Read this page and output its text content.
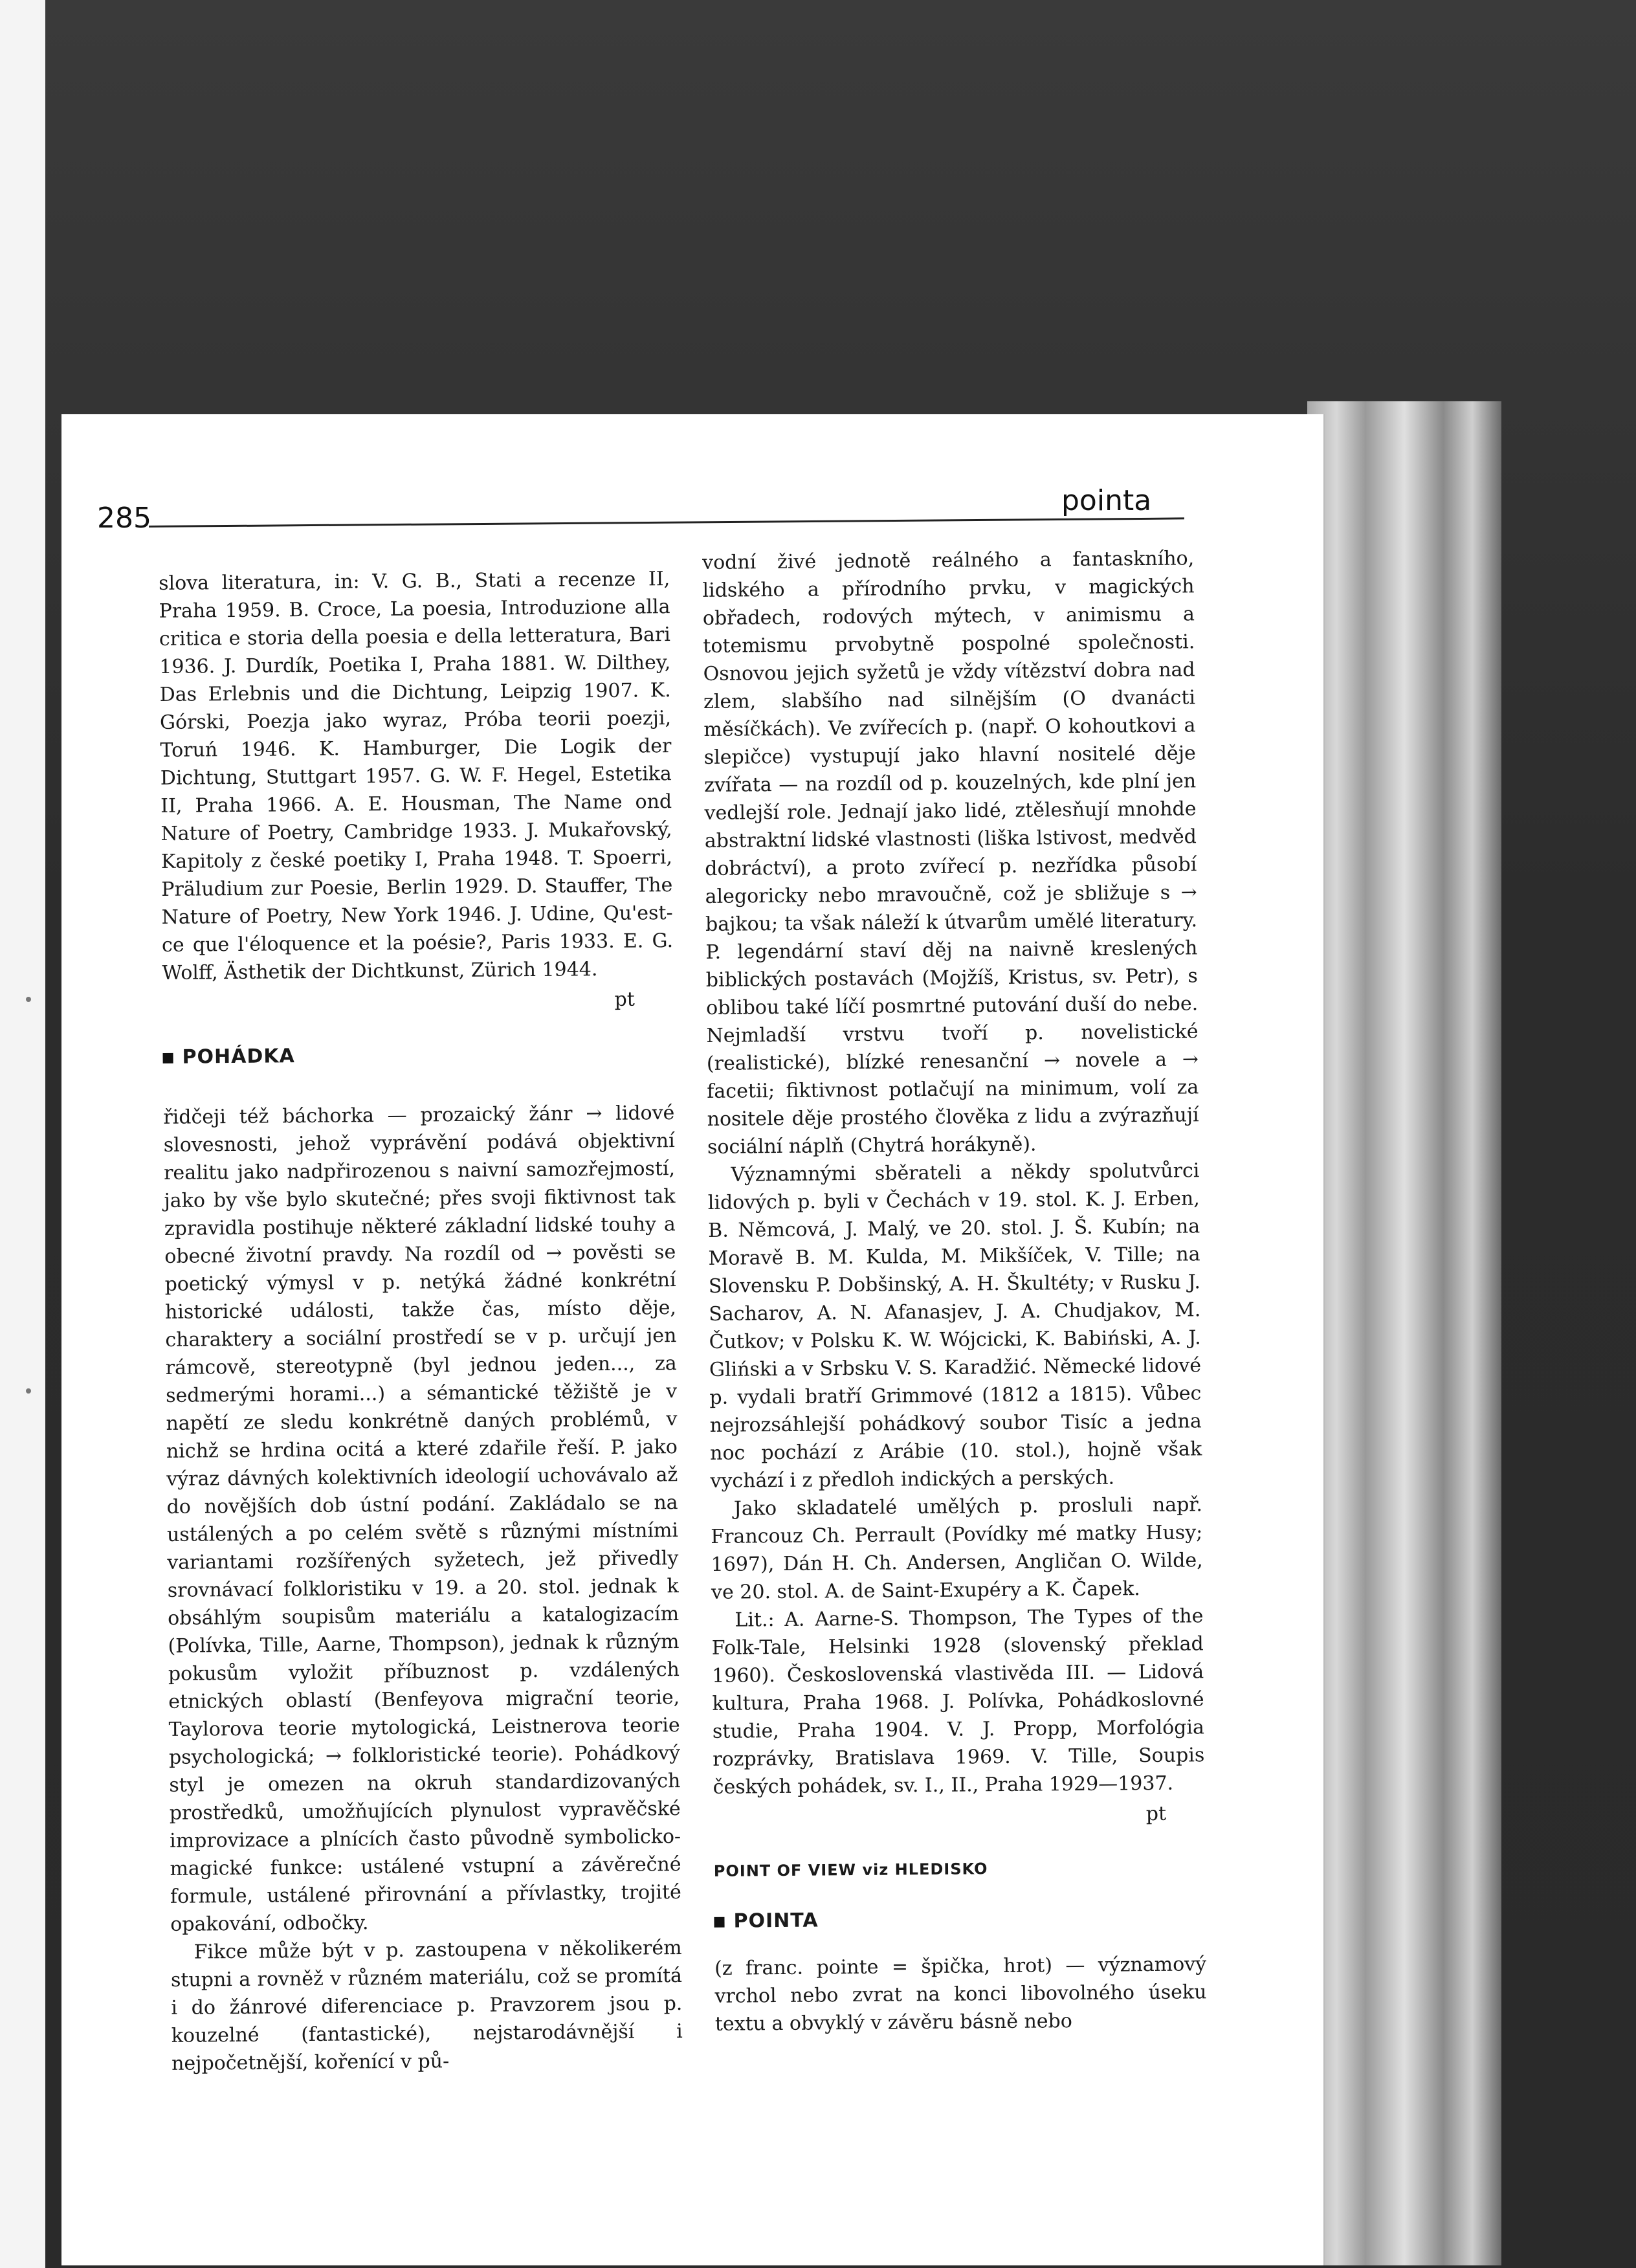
285
pointa

slova literatura, in: V. G. B., Stati a recenze II, Praha 1959. B. Croce, La poesia, Introduzione alla critica e storia della poesia e della letteratura, Bari 1936. J. Durdík, Poetika I, Praha 1881. W. Dilthey, Das Erlebnis und die Dichtung, Leipzig 1907. K. Górski, Poezja jako wyraz, Próba teorii poezji, Toruń 1946. K. Hamburger, Die Logik der Dichtung, Stuttgart 1957. G. W. F. Hegel, Estetika II, Praha 1966. A. E. Housman, The Name ond Nature of Poetry, Cambridge 1933. J. Mukařovský, Kapitoly z české poetiky I, Praha 1948. T. Spoerri, Präludium zur Poesie, Berlin 1929. D. Stauffer, The Nature of Poetry, New York 1946. J. Udine, Qu'est-ce que l'éloquence et la poésie?, Paris 1933. E. G. Wolff, Ästhetik der Dichtkunst, Zürich 1944.

pt
POHÁDKA

řidčeji též báchorka — prozaický žánr → lidové slovesnosti, jehož vyprávění podává objektivní realitu jako nadpřirozenou s naivní samozřejmostí, jako by vše bylo skutečné; přes svoji fiktivnost tak zpravidla postihuje některé základní lidské touhy a obecné životní pravdy. Na rozdíl od → pověsti se poetický výmysl v p. netýká žádné konkrétní historické události, takže čas, místo děje, charaktery a sociální prostředí se v p. určují jen rámcově, stereotypně (byl jednou jeden..., za sedmerými horami...) a sémantické těžiště je v napětí ze sledu konkrétně daných problémů, v nichž se hrdina ocitá a které zdařile řeší. P. jako výraz dávných kolektivních ideologií uchovávalo až do novějších dob ústní podání. Zakládalo se na ustálených a po celém světě s různými místními variantami rozšířených syžetech, jež přivedly srovnávací folkloristiku v 19. a 20. stol. jednak k obsáhlým soupisům materiálu a katalogizacím (Polívka, Tille, Aarne, Thompson), jednak k různým pokusům vyložit příbuznost p. vzdálených etnických oblastí (Benfeyova migrační teorie, Taylorova teorie mytologická, Leistnerova teorie psychologická; → folkloristické teorie). Pohádkový styl je omezen na okruh standardizovaných prostředků, umožňujících plynulost vypravěčské improvizace a plnících často původně symbolicko-magické funkce: ustálené vstupní a závěrečné formule, ustálené přirovnání a přívlastky, trojité opakování, odbočky.

Fikce může být v p. zastoupena v několikerém stupni a rovněž v různém materiálu, což se promítá i do žánrové diferenciace p. Pravzorem jsou p. kouzelné (fantastické), nejstarodávnější i nejpočetnější, kořenící v pů-

vodní živé jednotě reálného a fantaskního, lidského a přírodního prvku, v magických obřadech, rodových mýtech, v animismu a totemismu prvobytně pospolné společnosti. Osnovou jejich syžetů je vždy vítězství dobra nad zlem, slabšího nad silnějším (O dvanácti měsíčkách). Ve zvířecích p. (např. O kohoutkovi a slepičce) vystupují jako hlavní nositelé děje zvířata — na rozdíl od p. kouzelných, kde plní jen vedlejší role. Jednají jako lidé, ztělesňují mnohde abstraktní lidské vlastnosti (liška lstivost, medvěd dobráctví), a proto zvířecí p. nezřídka působí alegoricky nebo mravoučně, což je sbližuje s → bajkou; ta však náleží k útvarům umělé literatury. P. legendární staví děj na naivně kreslených biblických postavách (Mojžíš, Kristus, sv. Petr), s oblibou také líčí posmrtné putování duší do nebe. Nejmladší vrstvu tvoří p. novelistické (realistické), blízké renesanční → novele a → facetii; fiktivnost potlačují na minimum, volí za nositele děje prostého člověka z lidu a zvýrazňují sociální náplň (Chytrá horákyně).

Významnými sběrateli a někdy spolutvůrci lidových p. byli v Čechách v 19. stol. K. J. Erben, B. Němcová, J. Malý, ve 20. stol. J. Š. Kubín; na Moravě B. M. Kulda, M. Mikšíček, V. Tille; na Slovensku P. Dobšinský, A. H. Škultéty; v Rusku J. Sacharov, A. N. Afanasjev, J. A. Chudjakov, M. Čutkov; v Polsku K. W. Wójcicki, K. Babiński, A. J. Gliński a v Srbsku V. S. Karadžić. Německé lidové p. vydali bratří Grimmové (1812 a 1815). Vůbec nejrozsáhlejší pohádkový soubor Tisíc a jedna noc pochází z Arábie (10. stol.), hojně však vychází i z předloh indických a perských.

Jako skladatelé umělých p. prosluli např. Francouz Ch. Perrault (Povídky mé matky Husy; 1697), Dán H. Ch. Andersen, Angličan O. Wilde, ve 20. stol. A. de Saint-Exupéry a K. Čapek.

Lit.: A. Aarne-S. Thompson, The Types of the Folk-Tale, Helsinki 1928 (slovenský překlad 1960). Československá vlastivěda III. — Lidová kultura, Praha 1968. J. Polívka, Pohádkoslovné studie, Praha 1904. V. J. Propp, Morfológia rozprávky, Bratislava 1969. V. Tille, Soupis českých pohádek, sv. I., II., Praha 1929—1937.

pt
POINT OF VIEW viz HLEDISKO
POINTA

(z franc. pointe = špička, hrot) — významový vrchol nebo zvrat na konci libovolného úseku textu a obvyklý v závěru básně nebo
